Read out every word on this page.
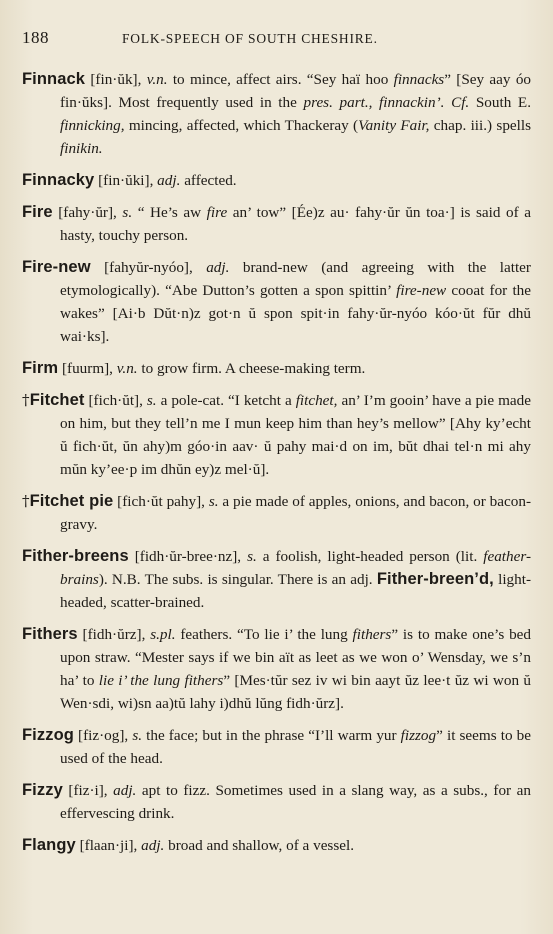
188	FOLK-SPEECH OF SOUTH CHESHIRE.

Finnack [fin·ŭk], v.n. to mince, affect airs. “Sey haï hoo finnacks” [Sey aay óo fin·ŭks]. Most frequently used in the pres. part., finnackin’. Cf. South E. finnicking, mincing, affected, which Thackeray (Vanity Fair, chap. iii.) spells finikin.

Finnacky [fin·ŭki], adj. affected.

Fire [fahy·ŭr], s. “ He’s aw fire an’ tow” [Ée)z au· fahy·ŭr ŭn toa·] is said of a hasty, touchy person.

Fire-new [fahyŭr-nyóo], adj. brand-new (and agreeing with the latter etymologically). “Abe Dutton’s gotten a spon spittin’ fire-new cooat for the wakes” [Ai·b Dŭt·n)z got·n ŭ spon spit·in fahy·ŭr-nyóo kóo·ŭt fŭr dhŭ wai·ks].

Firm [fuurm], v.n. to grow firm. A cheese-making term.

†Fitchet [fich·ŭt], s. a pole-cat. “I ketcht a fitchet, an’ I’m gooin’ have a pie made on him, but they tell’n me I mun keep him than hey’s mellow” [Ahy ky’echt ŭ fich·ŭt, ŭn ahy)m góo·in aav· ŭ pahy mai·d on im, bŭt dhai tel·n mi ahy mŭn ky’ee·p im dhŭn ey)z mel·ŭ].

†Fitchet pie [fich·ŭt pahy], s. a pie made of apples, onions, and bacon, or bacon-gravy.

Fither-breens [fidh·ŭr-bree·nz], s. a foolish, light-headed person (lit. feather-brains). N.B. The subs. is singular. There is an adj. Fither-breen’d, light-headed, scatter-brained.

Fithers [fidh·ŭrz], s.pl. feathers. “To lie i’ the lung fithers” is to make one’s bed upon straw. “Mester says if we bin aït as leet as we won o’ Wensday, we s’n ha’ to lie i’ the lung fithers” [Mes·tŭr sez iv wi bin aayt ŭz lee·t ŭz wi won ŭ Wen·sdi, wi)sn aa)tŭ lahy i)dhŭ lŭng fidh·ŭrz].

Fizzog [fiz·og], s. the face; but in the phrase “I’ll warm yur fizzog” it seems to be used of the head.

Fizzy [fiz·i], adj. apt to fizz. Sometimes used in a slang way, as a subs., for an effervescing drink.

Flangy [flaan·ji], adj. broad and shallow, of a vessel.
